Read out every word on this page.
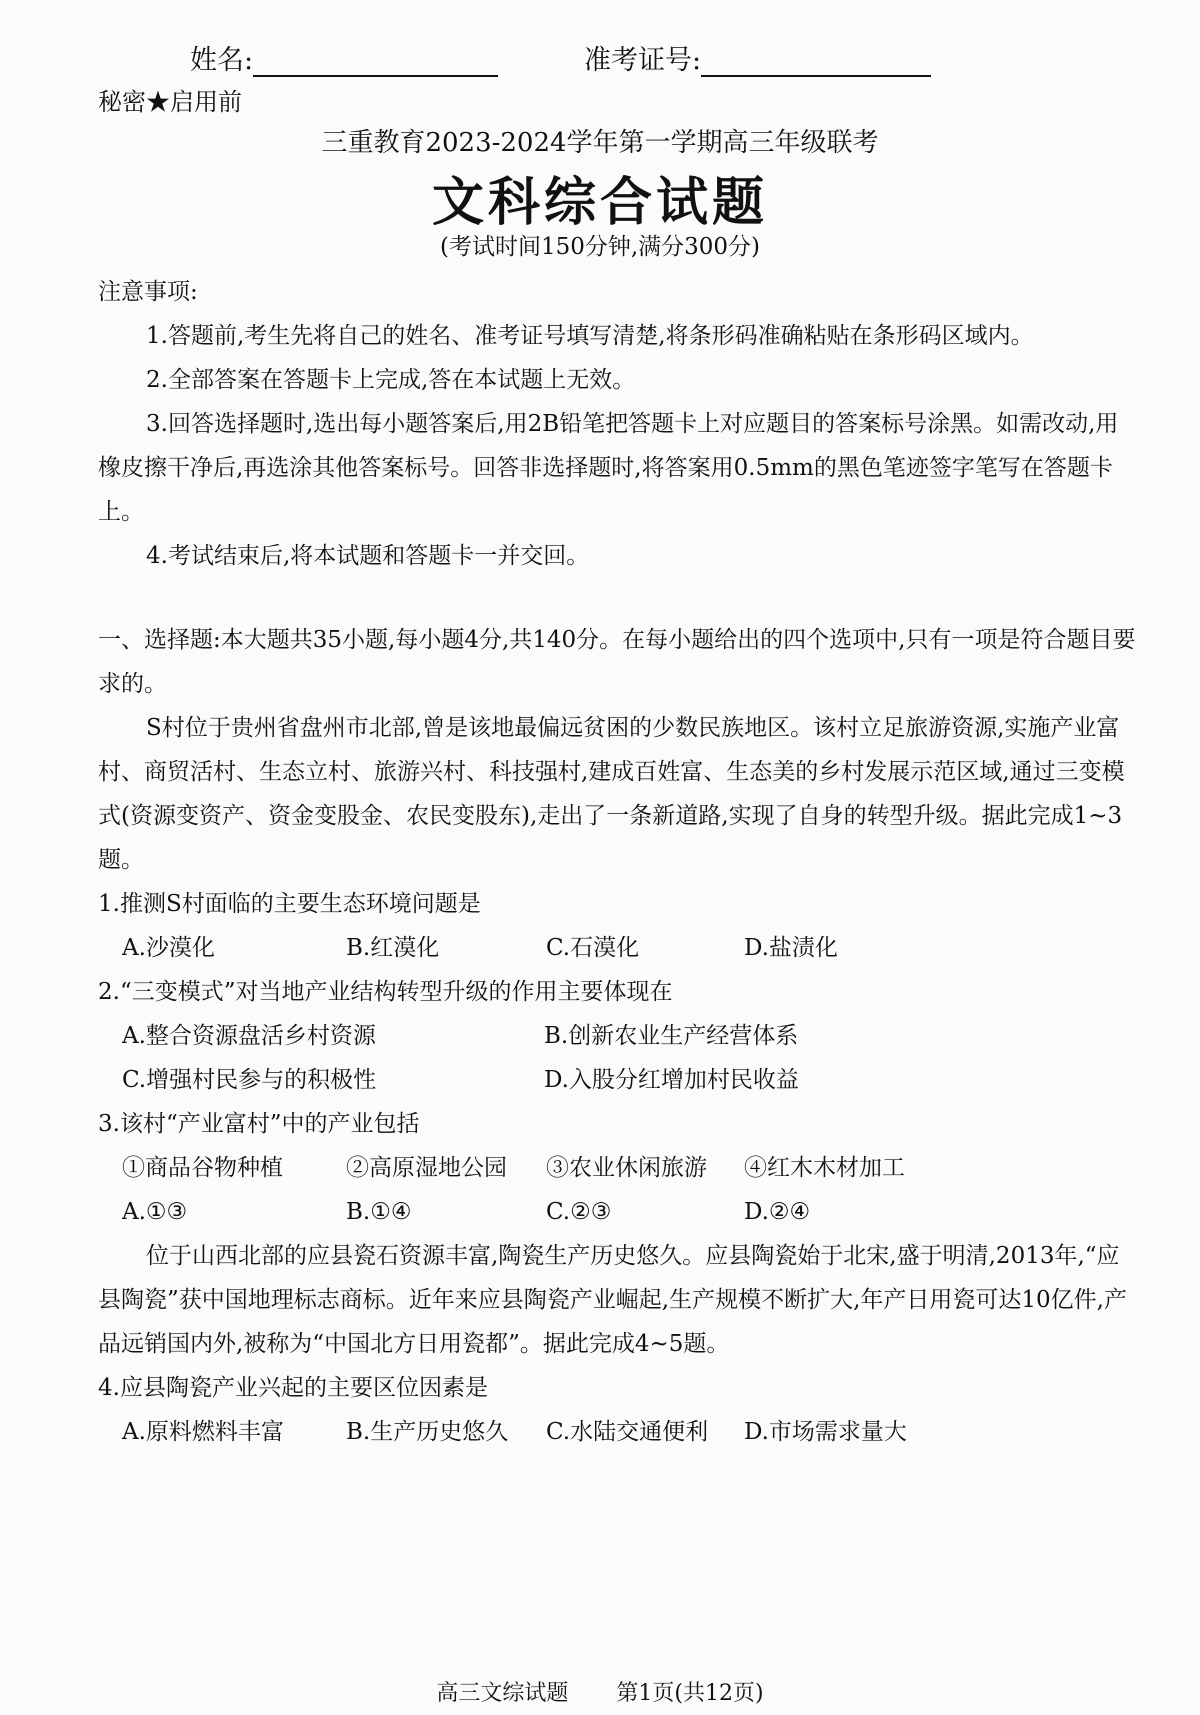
姓名:	准考证号:
秘密★启用前
三重教育2023-2024学年第一学期高三年级联考
文科综合试题
(考试时间150分钟,满分300分)

注意事项:

1.答题前,考生先将自己的姓名、准考证号填写清楚,将条形码准确粘贴在条形码区域内。

2.全部答案在答题卡上完成,答在本试题上无效。

3.回答选择题时,选出每小题答案后,用2B铅笔把答题卡上对应题目的答案标号涂黑。如需改动,用橡皮擦干净后,再选涂其他答案标号。回答非选择题时,将答案用0.5mm的黑色笔迹签字笔写在答题卡上。

4.考试结束后,将本试题和答题卡一并交回。

一、选择题:本大题共35小题,每小题4分,共140分。在每小题给出的四个选项中,只有一项是符合题目要求的。

S村位于贵州省盘州市北部,曾是该地最偏远贫困的少数民族地区。该村立足旅游资源,实施产业富村、商贸活村、生态立村、旅游兴村、科技强村,建成百姓富、生态美的乡村发展示范区域,通过三变模式(资源变资产、资金变股金、农民变股东),走出了一条新道路,实现了自身的转型升级。据此完成1~3题。

1.推测S村面临的主要生态环境问题是

A.沙漠化	B.红漠化	C.石漠化	D.盐渍化

2.“三变模式”对当地产业结构转型升级的作用主要体现在

A.整合资源盘活乡村资源	B.创新农业生产经营体系
C.增强村民参与的积极性	D.入股分红增加村民收益

3.该村“产业富村”中的产业包括

①商品谷物种植	②高原湿地公园	③农业休闲旅游	④红木木材加工
A.①③	B.①④	C.②③	D.②④

位于山西北部的应县瓷石资源丰富,陶瓷生产历史悠久。应县陶瓷始于北宋,盛于明清,2013年,“应县陶瓷”获中国地理标志商标。近年来应县陶瓷产业崛起,生产规模不断扩大,年产日用瓷可达10亿件,产品远销国内外,被称为“中国北方日用瓷都”。据此完成4~5题。

4.应县陶瓷产业兴起的主要区位因素是

A.原料燃料丰富	B.生产历史悠久	C.水陆交通便利	D.市场需求量大
高三文综试题 第1页(共12页)
